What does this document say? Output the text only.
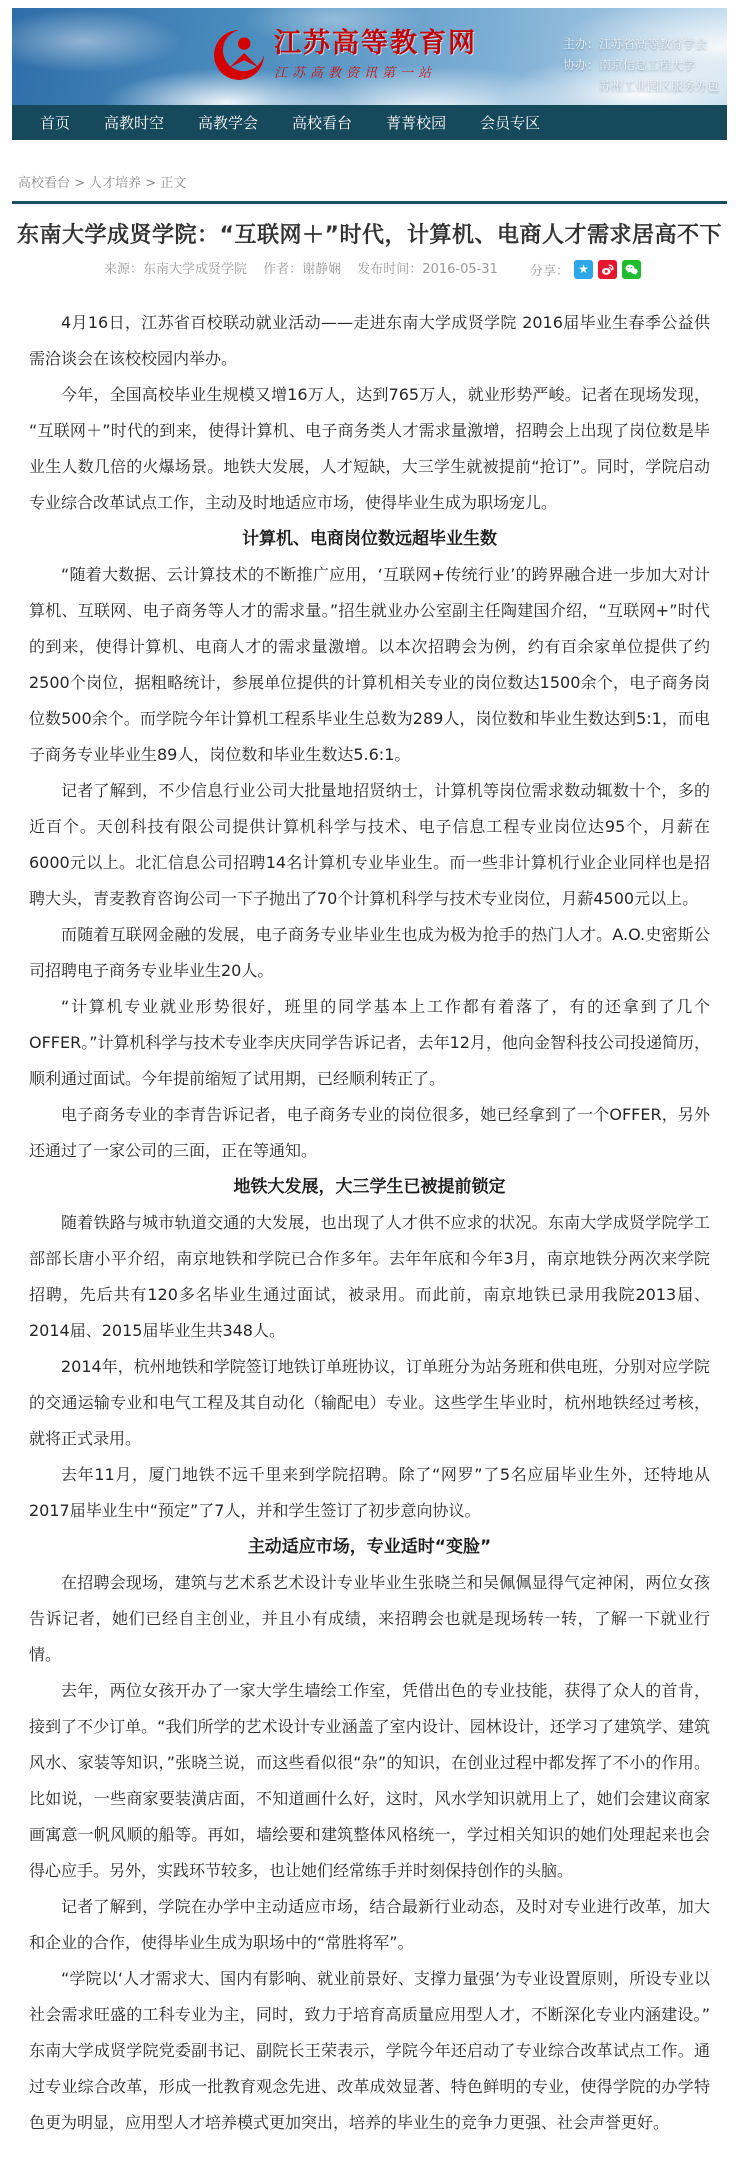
江苏高等教育网
江苏高教资讯第一站
主办：江苏省高等教育学会
协办：南京信息工程大学
　　　苏州工业园区服务外包
首页 高教时空 高教学会 高校看台 菁菁校园 会员专区
高校看台 > 人才培养 > 正文
东南大学成贤学院：“互联网＋”时代，计算机、电商人才需求居高不下
来源：东南大学成贤学院 作者：谢静娴 发布时间：2016-05-31 分享： ★
4月16日，江苏省百校联动就业活动——走进东南大学成贤学院 2016届毕业生春季公益供需洽谈会在该校校园内举办。
今年，全国高校毕业生规模又增16万人，达到765万人，就业形势严峻。记者在现场发现，“互联网＋”时代的到来，使得计算机、电子商务类人才需求量激增，招聘会上出现了岗位数是毕业生人数几倍的火爆场景。地铁大发展，人才短缺，大三学生就被提前“抢订”。同时，学院启动专业综合改革试点工作，主动及时地适应市场，使得毕业生成为职场宠儿。
计算机、电商岗位数远超毕业生数
“随着大数据、云计算技术的不断推广应用，‘互联网+传统行业’的跨界融合进一步加大对计算机、互联网、电子商务等人才的需求量。”招生就业办公室副主任陶建国介绍，“互联网+”时代的到来，使得计算机、电商人才的需求量激增。以本次招聘会为例，约有百余家单位提供了约2500个岗位，据粗略统计，参展单位提供的计算机相关专业的岗位数达1500余个，电子商务岗位数500余个。而学院今年计算机工程系毕业生总数为289人，岗位数和毕业生数达到5:1，而电子商务专业毕业生89人，岗位数和毕业生数达5.6:1。
记者了解到，不少信息行业公司大批量地招贤纳士，计算机等岗位需求数动辄数十个，多的近百个。天创科技有限公司提供计算机科学与技术、电子信息工程专业岗位达95个，月薪在6000元以上。北汇信息公司招聘14名计算机专业毕业生。而一些非计算机行业企业同样也是招聘大头，青麦教育咨询公司一下子抛出了70个计算机科学与技术专业岗位，月薪4500元以上。
而随着互联网金融的发展，电子商务专业毕业生也成为极为抢手的热门人才。A.O.史密斯公司招聘电子商务专业毕业生20人。
“计算机专业就业形势很好，班里的同学基本上工作都有着落了，有的还拿到了几个OFFER。”计算机科学与技术专业李庆庆同学告诉记者，去年12月，他向金智科技公司投递简历，顺利通过面试。今年提前缩短了试用期，已经顺利转正了。
电子商务专业的李青告诉记者，电子商务专业的岗位很多，她已经拿到了一个OFFER，另外还通过了一家公司的三面，正在等通知。
地铁大发展，大三学生已被提前锁定
随着铁路与城市轨道交通的大发展，也出现了人才供不应求的状况。东南大学成贤学院学工部部长唐小平介绍，南京地铁和学院已合作多年。去年年底和今年3月，南京地铁分两次来学院招聘，先后共有120多名毕业生通过面试，被录用。而此前，南京地铁已录用我院2013届、2014届、2015届毕业生共348人。
2014年，杭州地铁和学院签订地铁订单班协议，订单班分为站务班和供电班，分别对应学院的交通运输专业和电气工程及其自动化（输配电）专业。这些学生毕业时，杭州地铁经过考核，就将正式录用。
去年11月，厦门地铁不远千里来到学院招聘。除了“网罗”了5名应届毕业生外，还特地从2017届毕业生中“预定”了7人，并和学生签订了初步意向协议。
主动适应市场，专业适时“变脸”
在招聘会现场，建筑与艺术系艺术设计专业毕业生张晓兰和吴佩佩显得气定神闲，两位女孩告诉记者，她们已经自主创业，并且小有成绩，来招聘会也就是现场转一转，了解一下就业行情。
去年，两位女孩开办了一家大学生墙绘工作室，凭借出色的专业技能，获得了众人的首肯，接到了不少订单。“我们所学的艺术设计专业涵盖了室内设计、园林设计，还学习了建筑学、建筑风水、家装等知识，”张晓兰说，而这些看似很“杂”的知识，在创业过程中都发挥了不小的作用。比如说，一些商家要装潢店面，不知道画什么好，这时，风水学知识就用上了，她们会建议商家画寓意一帆风顺的船等。再如，墙绘要和建筑整体风格统一，学过相关知识的她们处理起来也会得心应手。另外，实践环节较多，也让她们经常练手并时刻保持创作的头脑。
记者了解到，学院在办学中主动适应市场，结合最新行业动态，及时对专业进行改革，加大和企业的合作，使得毕业生成为职场中的“常胜将军”。
“学院以‘人才需求大、国内有影响、就业前景好、支撑力量强’为专业设置原则，所设专业以社会需求旺盛的工科专业为主，同时，致力于培育高质量应用型人才，不断深化专业内涵建设。”东南大学成贤学院党委副书记、副院长王荣表示，学院今年还启动了专业综合改革试点工作。通过专业综合改革，形成一批教育观念先进、改革成效显著、特色鲜明的专业，使得学院的办学特色更为明显，应用型人才培养模式更加突出，培养的毕业生的竞争力更强、社会声誉更好。
